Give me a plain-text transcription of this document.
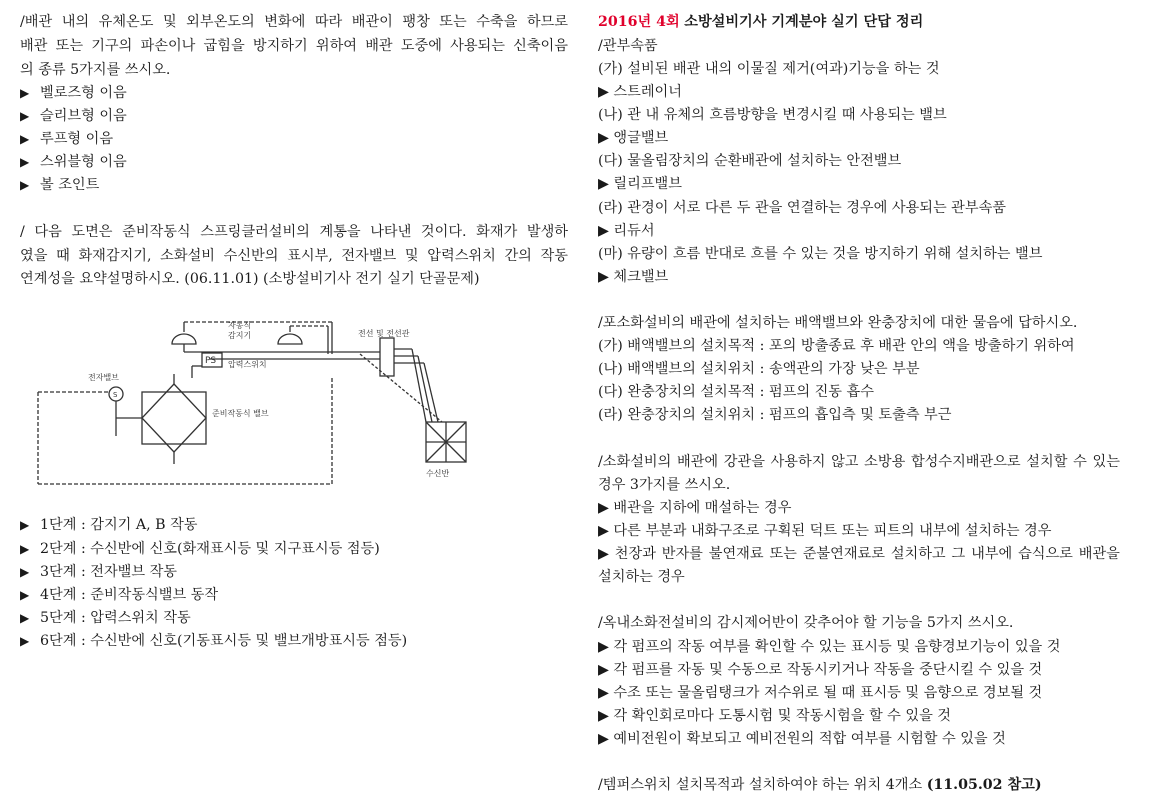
/배관 내의 유체온도 및 외부온도의 변화에 따라 배관이 팽창 또는 수축을 하므로
배관 또는 기구의 파손이나 굽힘을 방지하기 위하여 배관 도중에 사용되는 신축이음
의 종류 5가지를 쓰시오.
▶ 벨로즈형 이음
▶ 슬리브형 이음
▶ 루프형 이음
▶ 스위블형 이음
▶ 볼 조인트
/ 다음 도면은 준비작동식 스프링클러설비의 계통을 나타낸 것이다. 화재가 발생하
였을 때 화재감지기, 소화설비 수신반의 표시부, 전자밸브 및 압력스위치 간의 작동
연계성을 요약설명하시오. (06.11.01) (소방설비기사 전기 실기 단골문제)
자동식
감지기	전선 및 전선관
PS 압력스위치
전자밸브
S
준비작동식 밸브
수신반
▶ 1단계 : 감지기 A, B 작동
▶ 2단계 : 수신반에 신호(화재표시등 및 지구표시등 점등)
▶ 3단계 : 전자밸브 작동
▶ 4단계 : 준비작동식밸브 동작
▶ 5단계 : 압력스위치 작동
▶ 6단계 : 수신반에 신호(기동표시등 및 밸브개방표시등 점등)
2016년 4회 소방설비기사 기계분야 실기 단답 정리
/관부속품
(가) 설비된 배관 내의 이물질 제거(여과)기능을 하는 것
▶ 스트레이너
(나) 관 내 유체의 흐름방향을 변경시킬 때 사용되는 밸브
▶ 앵글밸브
(다) 물올림장치의 순환배관에 설치하는 안전밸브
▶ 릴리프밸브
(라) 관경이 서로 다른 두 관을 연결하는 경우에 사용되는 관부속품
▶ 리듀서
(마) 유량이 흐름 반대로 흐를 수 있는 것을 방지하기 위해 설치하는 밸브
▶ 체크밸브
/포소화설비의 배관에 설치하는 배액밸브와 완충장치에 대한 물음에 답하시오.
(가) 배액밸브의 설치목적 : 포의 방출종료 후 배관 안의 액을 방출하기 위하여
(나) 배액밸브의 설치위치 : 송액관의 가장 낮은 부분
(다) 완충장치의 설치목적 : 펌프의 진동 흡수
(라) 완충장치의 설치위치 : 펌프의 흡입측 및 토출측 부근
/소화설비의 배관에 강관을 사용하지 않고 소방용 합성수지배관으로 설치할 수 있는
경우 3가지를 쓰시오.
▶ 배관을 지하에 매설하는 경우
▶ 다른 부분과 내화구조로 구획된 덕트 또는 피트의 내부에 설치하는 경우
▶ 천장과 반자를 불연재료 또는 준불연재료로 설치하고 그 내부에 습식으로 배관을
설치하는 경우
/옥내소화전설비의 감시제어반이 갖추어야 할 기능을 5가지 쓰시오.
▶ 각 펌프의 작동 여부를 확인할 수 있는 표시등 및 음향경보기능이 있을 것
▶ 각 펌프를 자동 및 수동으로 작동시키거나 작동을 중단시킬 수 있을 것
▶ 수조 또는 물올림탱크가 저수위로 될 때 표시등 및 음향으로 경보될 것
▶ 각 확인회로마다 도통시험 및 작동시험을 할 수 있을 것
▶ 예비전원이 확보되고 예비전원의 적합 여부를 시험할 수 있을 것
/템퍼스위치 설치목적과 설치하여야 하는 위치 4개소 (11.05.02 참고)
